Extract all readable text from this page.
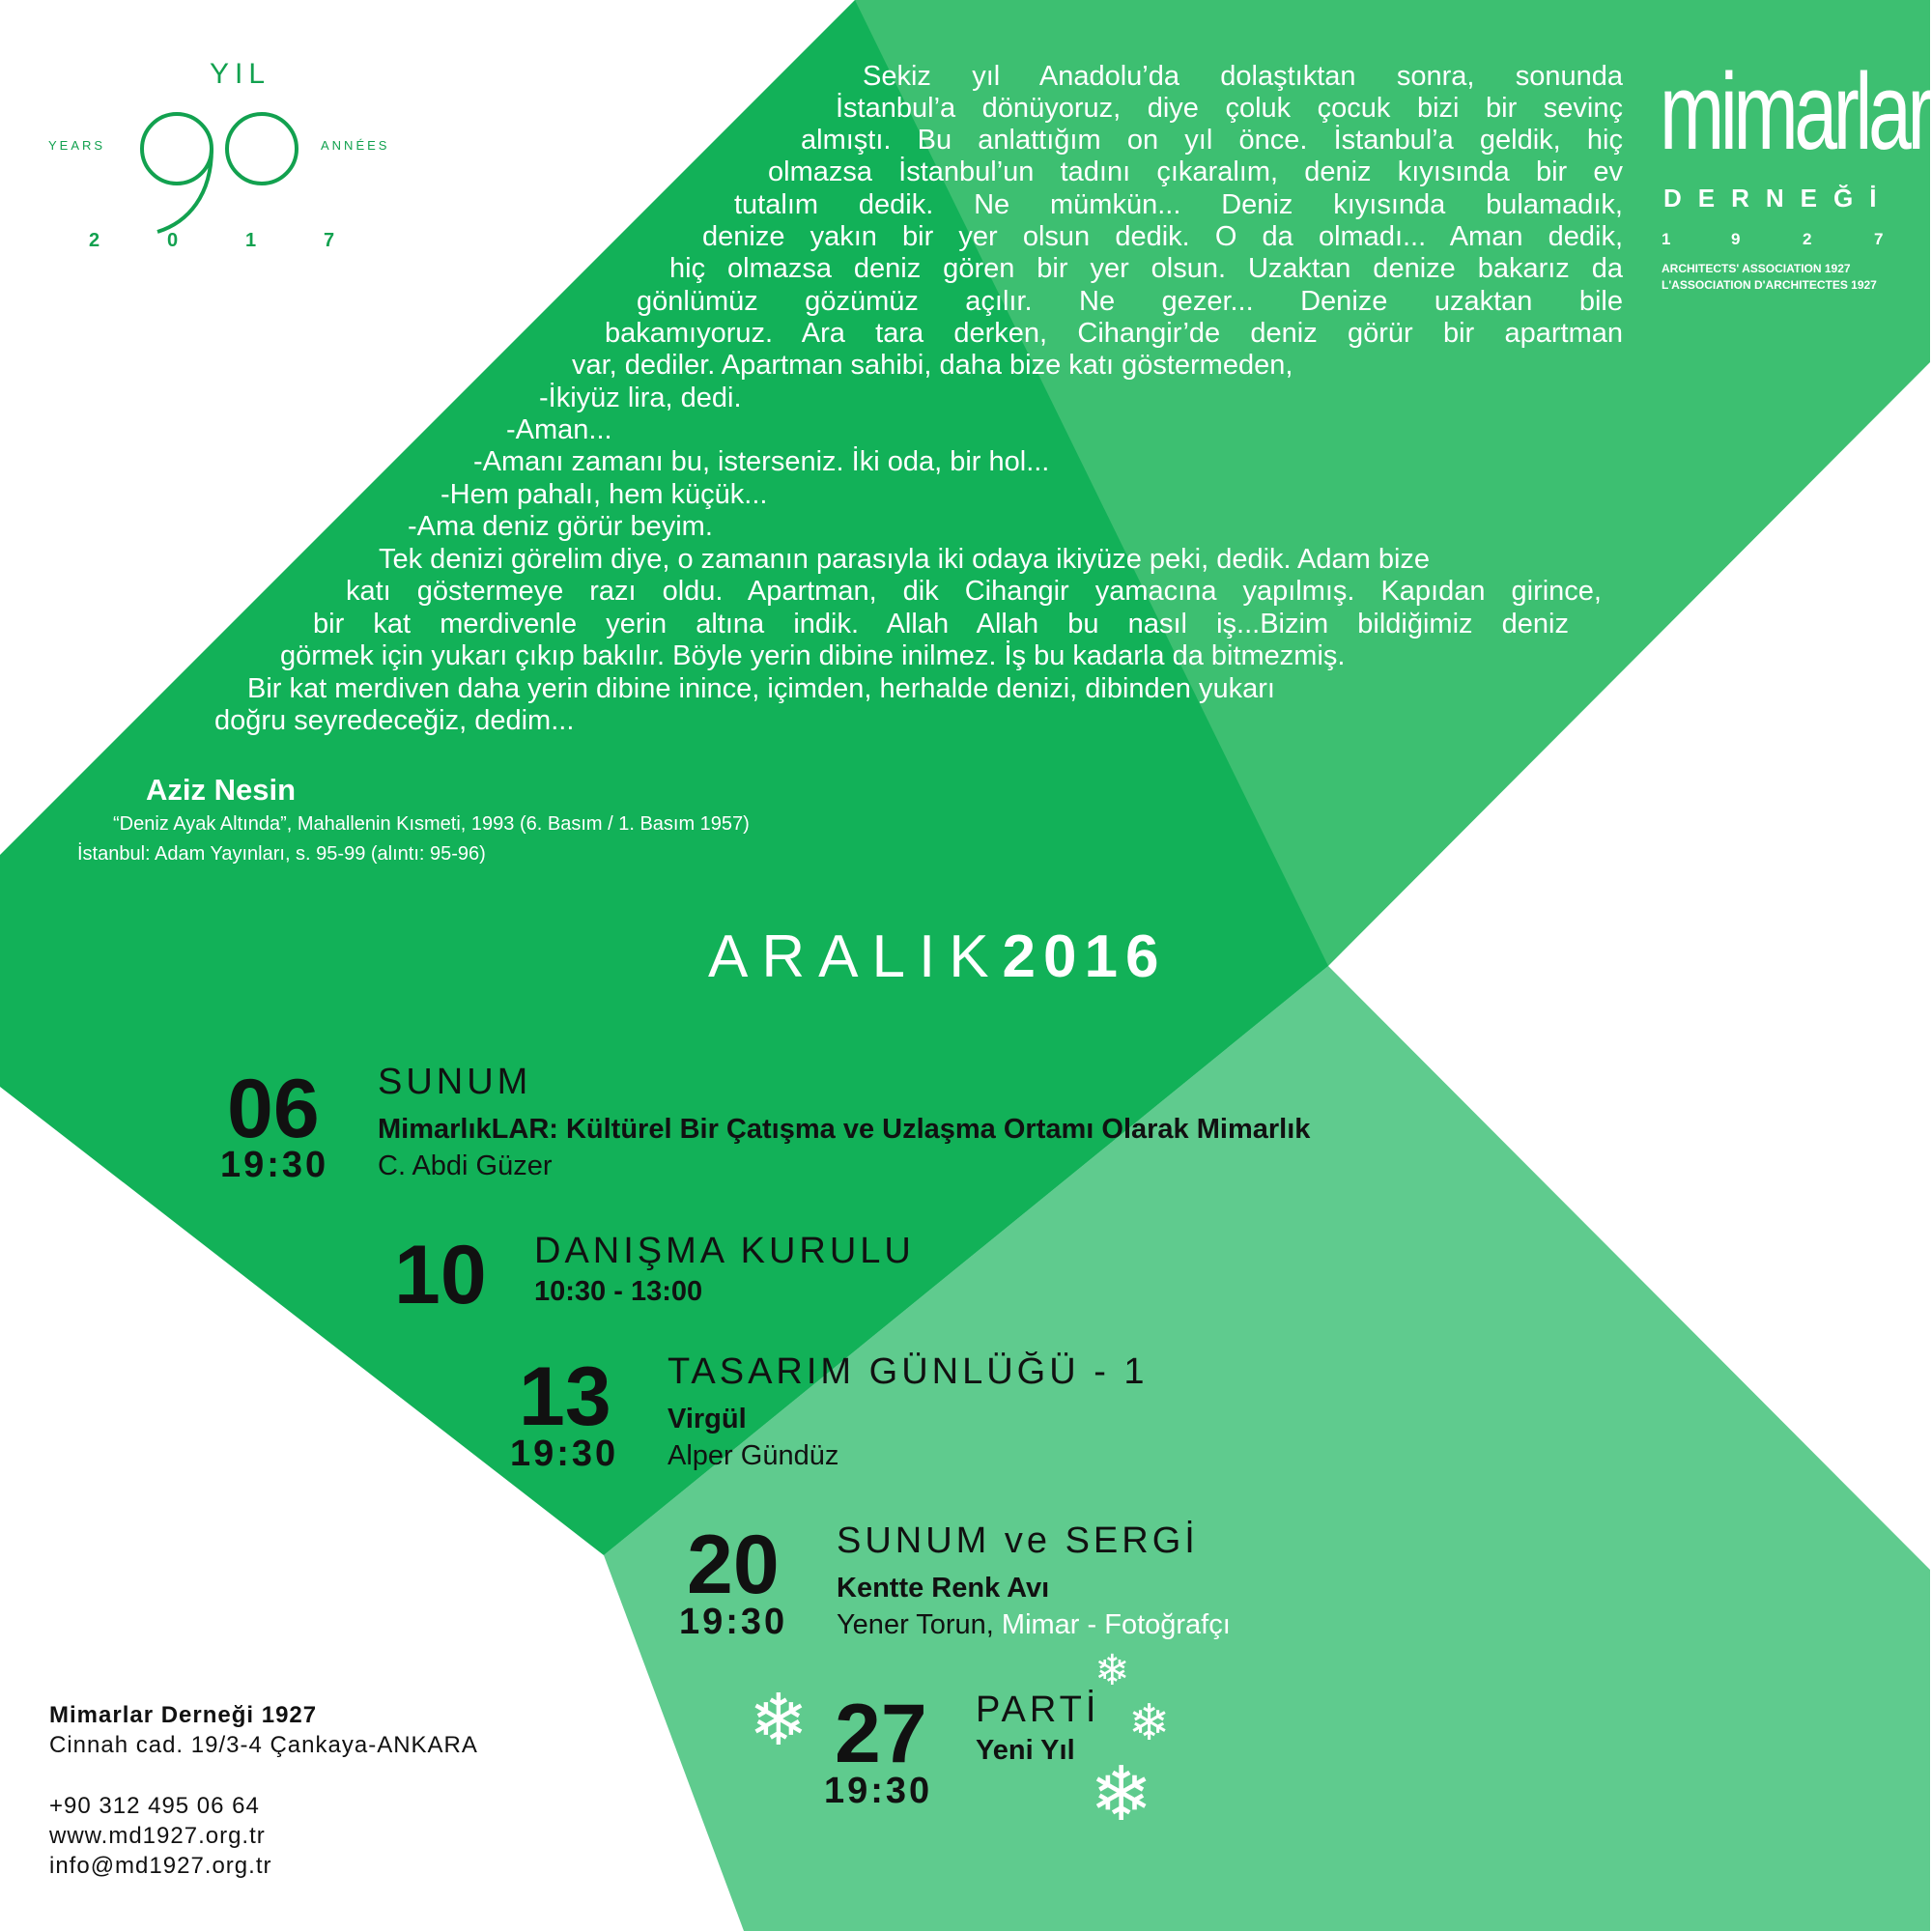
YIL
YEARS	ANNÉES
2	0	1	7
mimarlar
DERNEĞİ
1	9	2	7
ARCHITECTS' ASSOCIATION 1927
L'ASSOCIATION D'ARCHITECTES 1927
Sekiz yıl Anadolu’da dolaştıktan sonra, sonunda
İstanbul’a dönüyoruz, diye çoluk çocuk bizi bir sevinç
almıştı. Bu anlattığım on yıl önce. İstanbul’a geldik, hiç
olmazsa İstanbul’un tadını çıkaralım, deniz kıyısında bir ev
tutalım dedik. Ne mümkün... Deniz kıyısında bulamadık,
denize yakın bir yer olsun dedik. O da olmadı... Aman dedik,
hiç olmazsa deniz gören bir yer olsun. Uzaktan denize bakarız da
gönlümüz gözümüz açılır. Ne gezer... Denize uzaktan bile
bakamıyoruz. Ara tara derken, Cihangir’de deniz görür bir apartman
var, dediler. Apartman sahibi, daha bize katı göstermeden,
-İkiyüz lira, dedi.
-Aman...
-Amanı zamanı bu, isterseniz. İki oda, bir hol...
-Hem pahalı, hem küçük...
-Ama deniz görür beyim.
Tek denizi görelim diye, o zamanın parasıyla iki odaya ikiyüze peki, dedik. Adam bize
katı göstermeye razı oldu. Apartman, dik Cihangir yamacına yapılmış. Kapıdan girince,
bir kat merdivenle yerin altına indik. Allah Allah bu nasıl iş...Bizim bildiğimiz deniz
görmek için yukarı çıkıp bakılır. Böyle yerin dibine inilmez. İş bu kadarla da bitmezmiş.
Bir kat merdiven daha yerin dibine inince, içimden, herhalde denizi, dibinden yukarı
doğru seyredeceğiz, dedim...
Aziz Nesin
“Deniz Ayak Altında”, Mahallenin Kısmeti, 1993 (6. Basım / 1. Basım 1957)
İstanbul: Adam Yayınları, s. 95-99 (alıntı: 95-96)
ARALIK2016
06
19:30
SUNUM
MimarlıkLAR: Kültürel Bir Çatışma ve Uzlaşma Ortamı Olarak Mimarlık
C. Abdi Güzer
10 DANIŞMA KURULU
10:30 - 13:00
13
19:30
TASARIM GÜNLÜĞÜ - 1
Virgül
Alper Gündüz
20
19:30
SUNUM ve SERGİ
Kentte Renk Avı
Yener Torun, Mimar - Fotoğrafçı
27
19:30
PARTİ
Yeni Yıl
❄
❄
❄
❄
Mimarlar Derneği 1927
Cinnah cad. 19/3-4 Çankaya-ANKARA
+90 312 495 06 64
www.md1927.org.tr
info@md1927.org.tr
